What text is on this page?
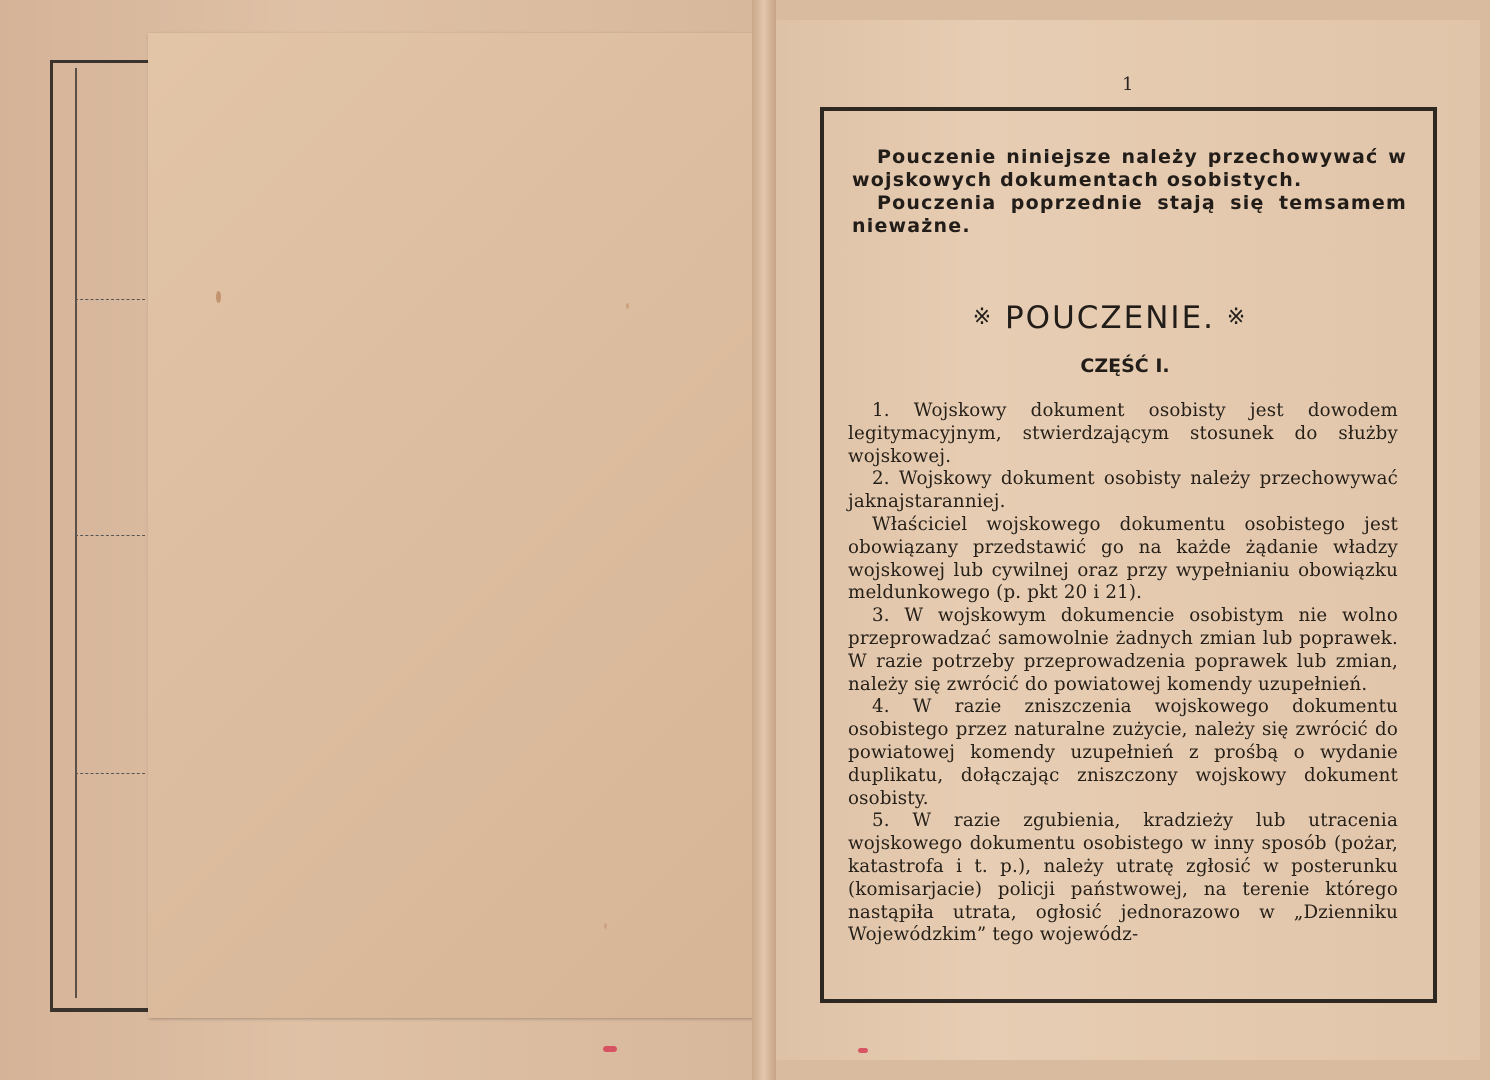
1

Pouczenie niniejsze należy przechowywać w wojskowych dokumentach osobistych.

Pouczenia poprzednie stają się temsamem nieważne.

※ POUCZENIE. ※
CZĘŚĆ I.

1. Wojskowy dokument osobisty jest dowodem legitymacyjnym, stwierdzającym stosunek do służby wojskowej.

2. Wojskowy dokument osobisty należy przechowywać jaknajstaranniej.

Właściciel wojskowego dokumentu osobistego jest obowiązany przedstawić go na każde żądanie władzy wojskowej lub cywilnej oraz przy wypełnianiu obowiązku meldunkowego (p. pkt 20 i 21).

3. W wojskowym dokumencie osobistym nie wolno przeprowadzać samowolnie żadnych zmian lub poprawek. W razie potrzeby przeprowadzenia poprawek lub zmian, należy się zwrócić do powiatowej komendy uzupełnień.

4. W razie zniszczenia wojskowego dokumentu osobistego przez naturalne zużycie, należy się zwrócić do powiatowej komendy uzupełnień z prośbą o wydanie duplikatu, dołączając zniszczony wojskowy dokument osobisty.

5. W razie zgubienia, kradzieży lub utracenia wojskowego dokumentu osobistego w inny sposób (pożar, katastrofa i t. p.), należy utratę zgłosić w posterunku (komisarjacie) policji państwowej, na terenie którego nastąpiła utrata, ogłosić jednorazowo w „Dzienniku Wojewódzkim” tego wojewódz-
